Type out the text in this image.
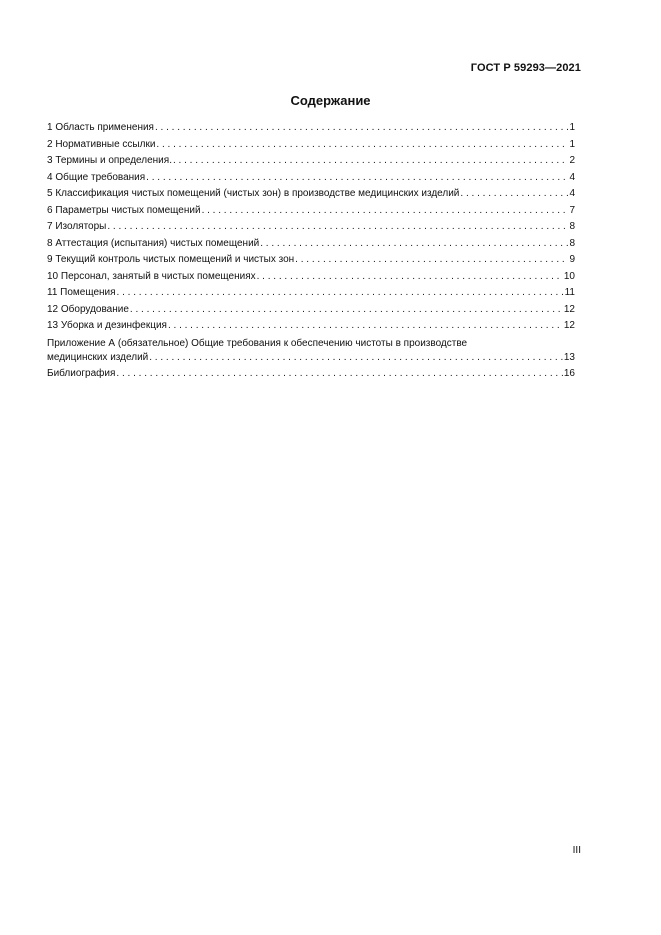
ГОСТ Р 59293—2021
Содержание
1 Область применения . . .	1
2 Нормативные ссылки . . .	1
3 Термины и определения. . . .	2
4 Общие требования . . .	4
5 Классификация чистых помещений (чистых зон) в производстве медицинских изделий . . .	4
6 Параметры чистых помещений . . .	7
7 Изоляторы . . .	8
8 Аттестация (испытания) чистых помещений . . .	8
9 Текущий контроль чистых помещений и чистых зон . . .	9
10 Персонал, занятый в чистых помещениях . . .	10
11 Помещения . . .	11
12 Оборудование . . .	12
13 Уборка и дезинфекция . . .	12
Приложение А (обязательное) Общие требования к обеспечению чистоты в производстве
медицинских изделий . . .	13
Библиография . . .	16
III
